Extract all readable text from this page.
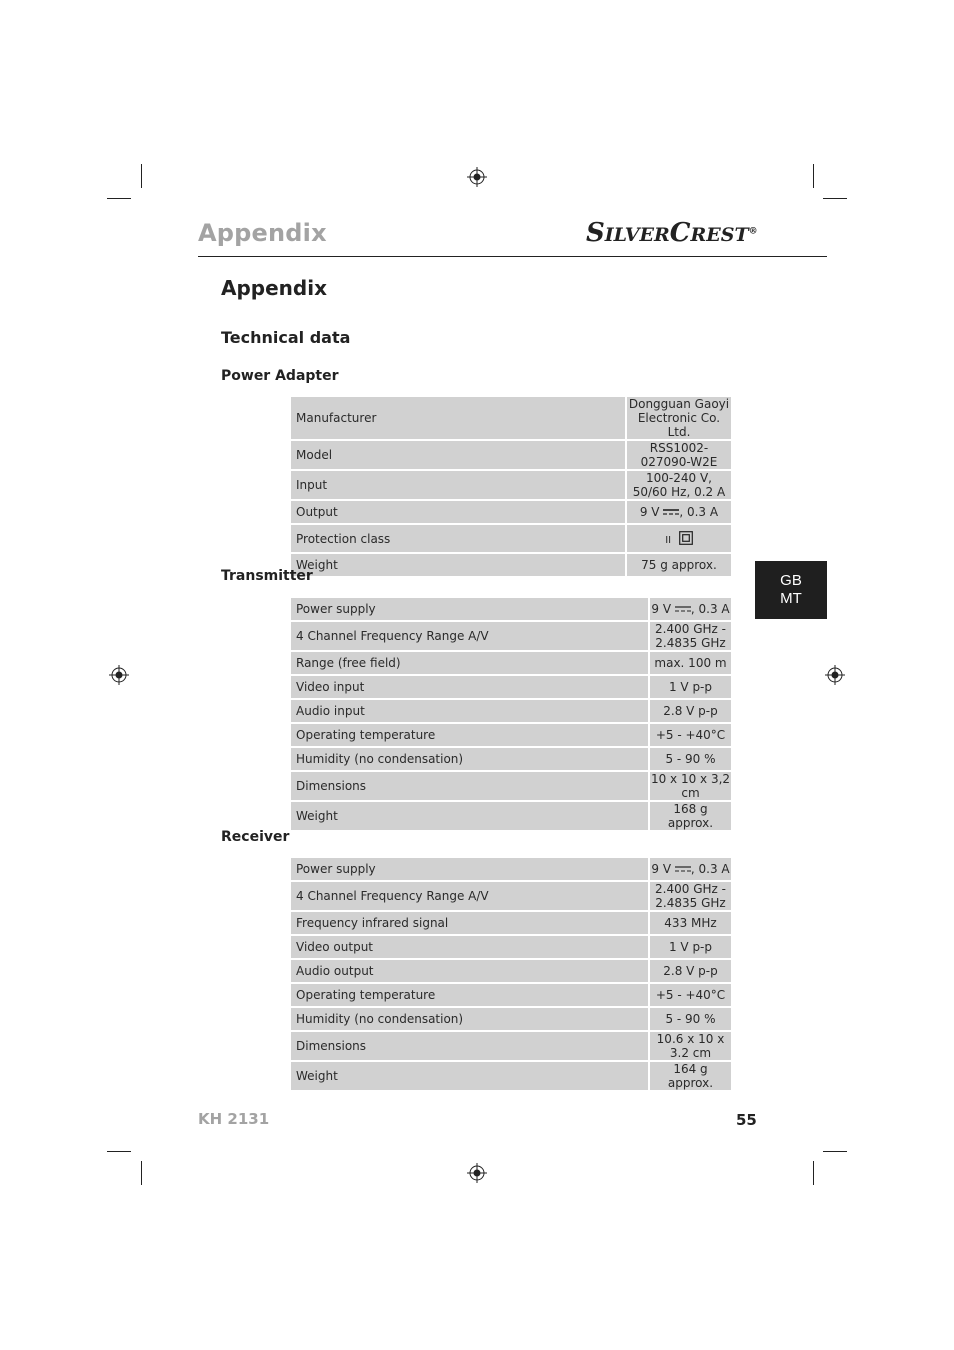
Appendix	SILVERCREST®
Appendix
Technical data
Power Adapter
Manufacturer	Dongguan Gaoyi Electronic Co. Ltd.
Model	RSS1002-027090-W2E
Input	100-240 V, 50/60 Hz, 0.2 A
Output	9 V , 0.3 A
Protection class	II
Weight	75 g approx.
Transmitter
Power supply	9 V , 0.3 A
4 Channel Frequency Range A/V	2.400 GHz - 2.4835 GHz
Range (free field)	max. 100 m
Video input	1 V p-p
Audio input	2.8 V p-p
Operating temperature	+5 - +40°C
Humidity (no condensation)	5 - 90 %
Dimensions	10 x 10 x 3,2 cm
Weight	168 g approx.
Receiver
Power supply	9 V , 0.3 A
4 Channel Frequency Range A/V	2.400 GHz - 2.4835 GHz
Frequency infrared signal	433 MHz
Video output	1 V p-p
Audio output	2.8 V p-p
Operating temperature	+5 - +40°C
Humidity (no condensation)	5 - 90 %
Dimensions	10.6 x 10 x 3.2 cm
Weight	164 g approx.
GB
MT
KH 2131	55
